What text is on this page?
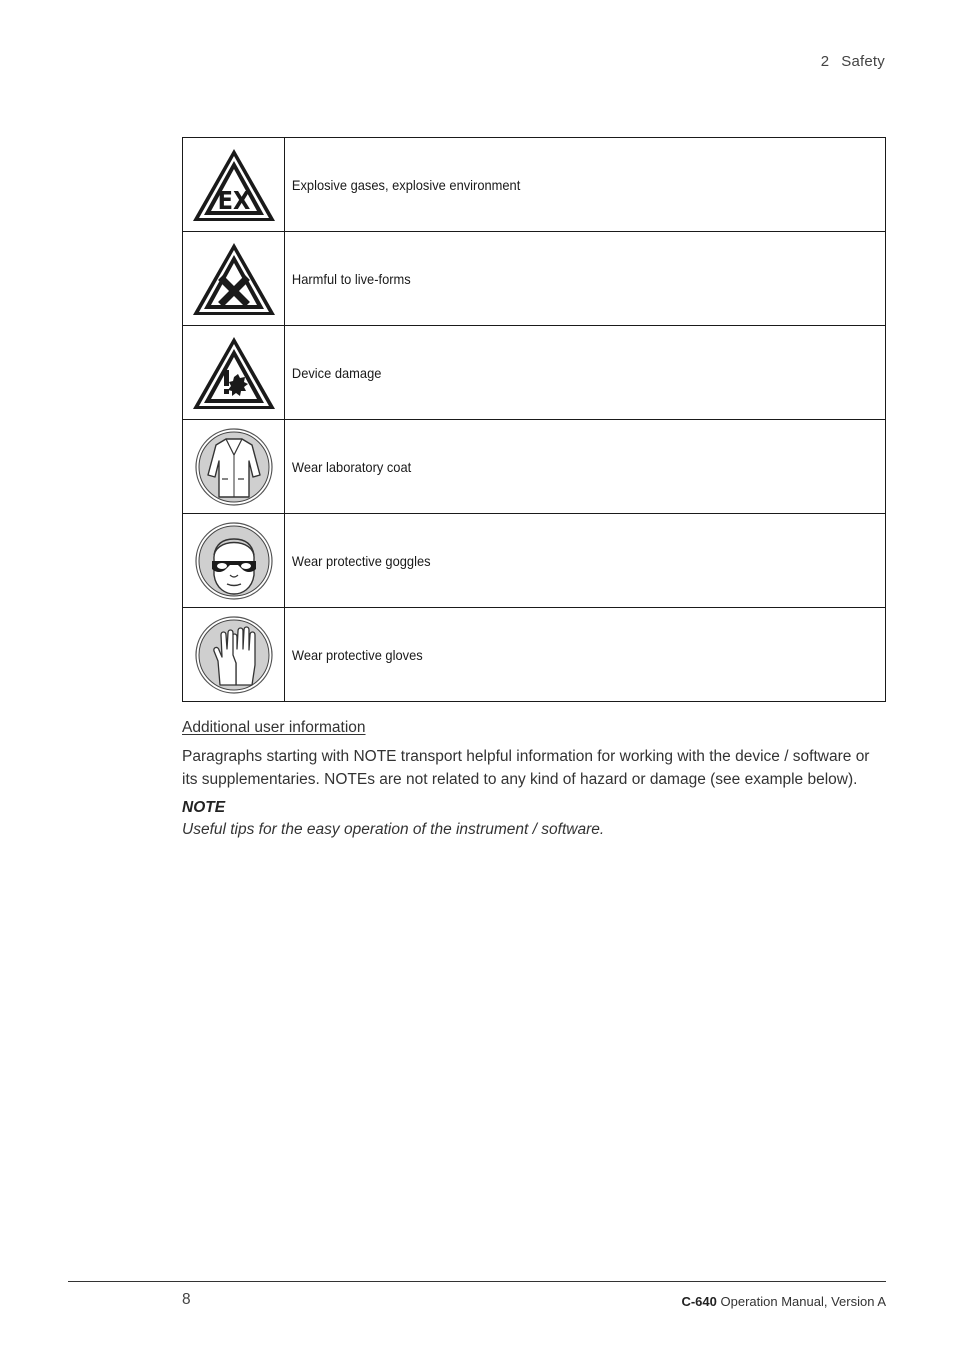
2 Safety
EX	Explosive gases, explosive environment

	Harmful to live-forms

	Device damage

	Wear laboratory coat

	Wear protective goggles

	Wear protective gloves
Additional user information
Paragraphs starting with NOTE transport helpful information for working with the device / software or its supplementaries. NOTEs are not related to any kind of hazard or damage (see example below).
NOTE
Useful tips for the easy operation of the instrument / software.
8	C-640 Operation Manual, Version A
